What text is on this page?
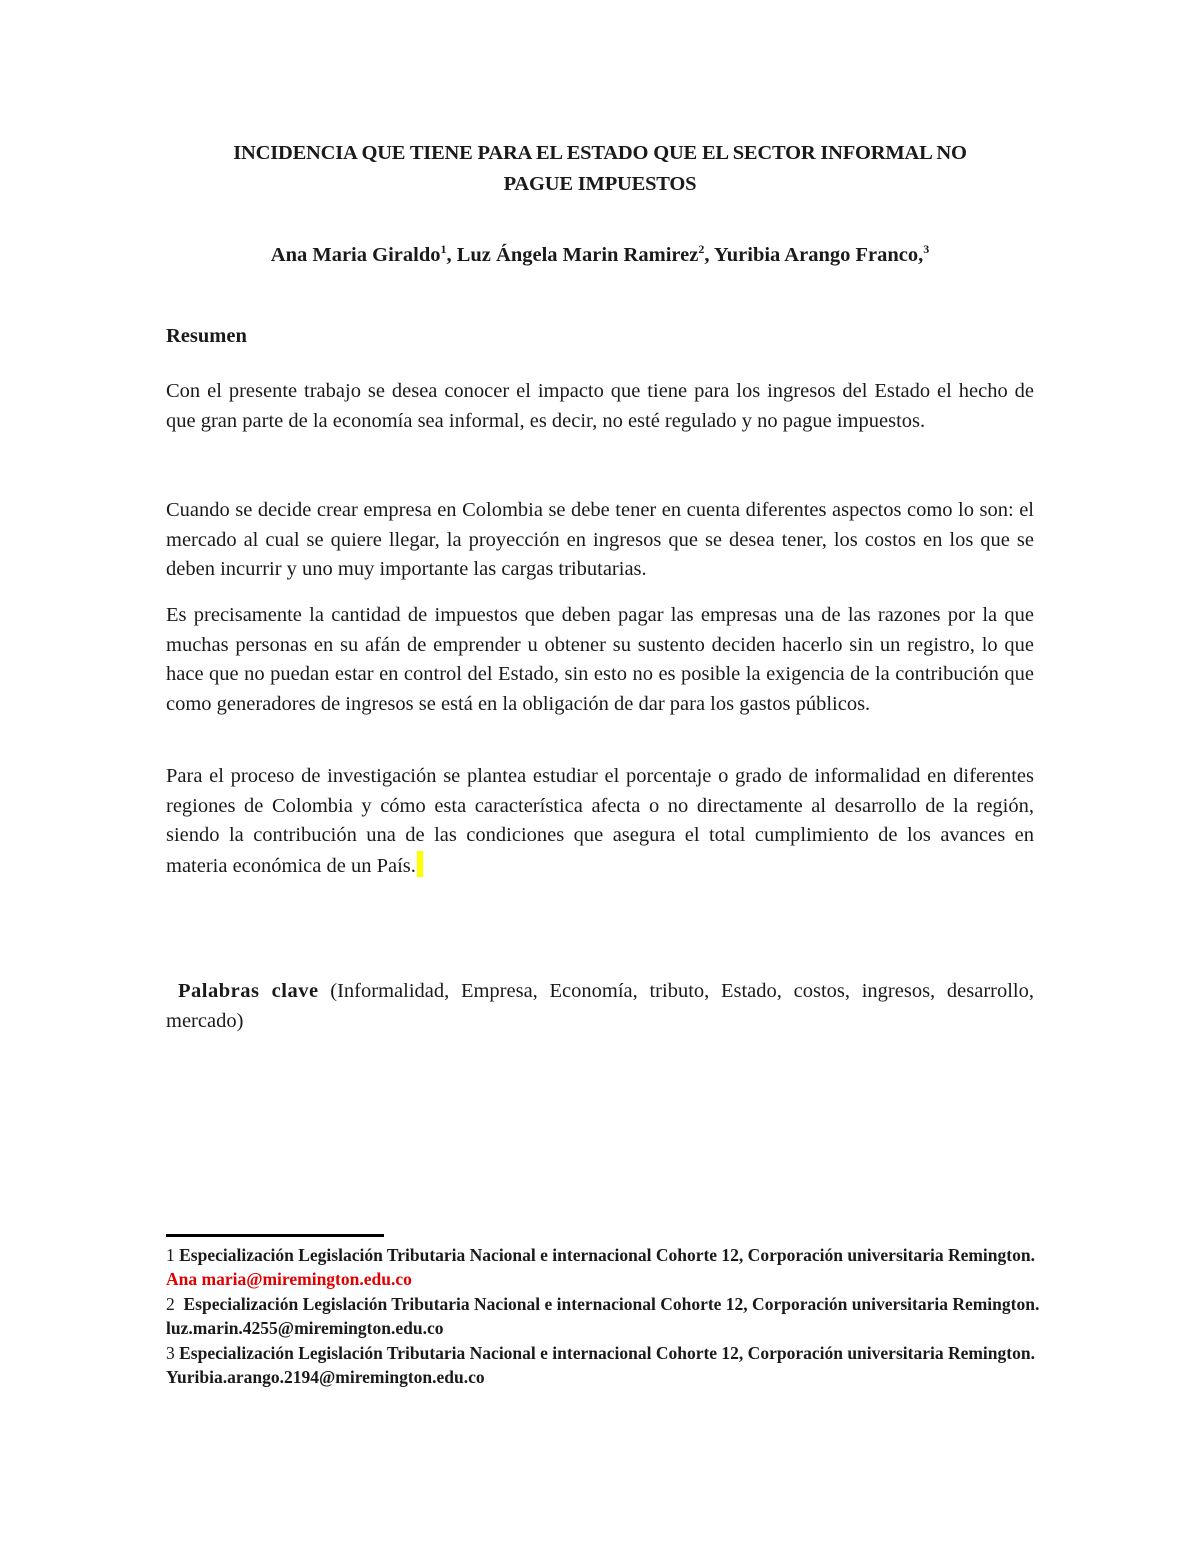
INCIDENCIA QUE TIENE PARA EL ESTADO QUE EL SECTOR INFORMAL NO
PAGUE IMPUESTOS
Ana Maria Giraldo$^1$, Luz Ángela Marin Ramirez$^2$, Yuribia Arango Franco,$^3$
Resumen

Con el presente trabajo se desea conocer el impacto que tiene para los ingresos del Estado el hecho de que gran parte de la economía sea informal, es decir, no esté regulado y no pague impuestos.

Cuando se decide crear empresa en Colombia se debe tener en cuenta diferentes aspectos como lo son: el mercado al cual se quiere llegar, la proyección en ingresos que se desea tener, los costos en los que se deben incurrir y uno muy importante las cargas tributarias.

Es precisamente la cantidad de impuestos que deben pagar las empresas una de las razones por la que muchas personas en su afán de emprender u obtener su sustento deciden hacerlo sin un registro, lo que hace que no puedan estar en control del Estado, sin esto no es posible la exigencia de la contribución que como generadores de ingresos se está en la obligación de dar para los gastos públicos.

Para el proceso de investigación se plantea estudiar el porcentaje o grado de informalidad en diferentes regiones de Colombia y cómo esta característica afecta o no directamente al desarrollo de la región, siendo la contribución una de las condiciones que asegura el total cumplimiento de los avances en materia económica de un País.

Palabras clave (Informalidad, Empresa, Economía, tributo, Estado, costos, ingresos, desarrollo, mercado)

1 Especialización Legislación Tributaria Nacional e internacional Cohorte 12, Corporación universitaria Remington. Ana maria@miremington.edu.co
2 Especialización Legislación Tributaria Nacional e internacional Cohorte 12, Corporación universitaria Remington. luz.marin.4255@miremington.edu.co
3 Especialización Legislación Tributaria Nacional e internacional Cohorte 12, Corporación universitaria Remington. Yuribia.arango.2194@miremington.edu.co
